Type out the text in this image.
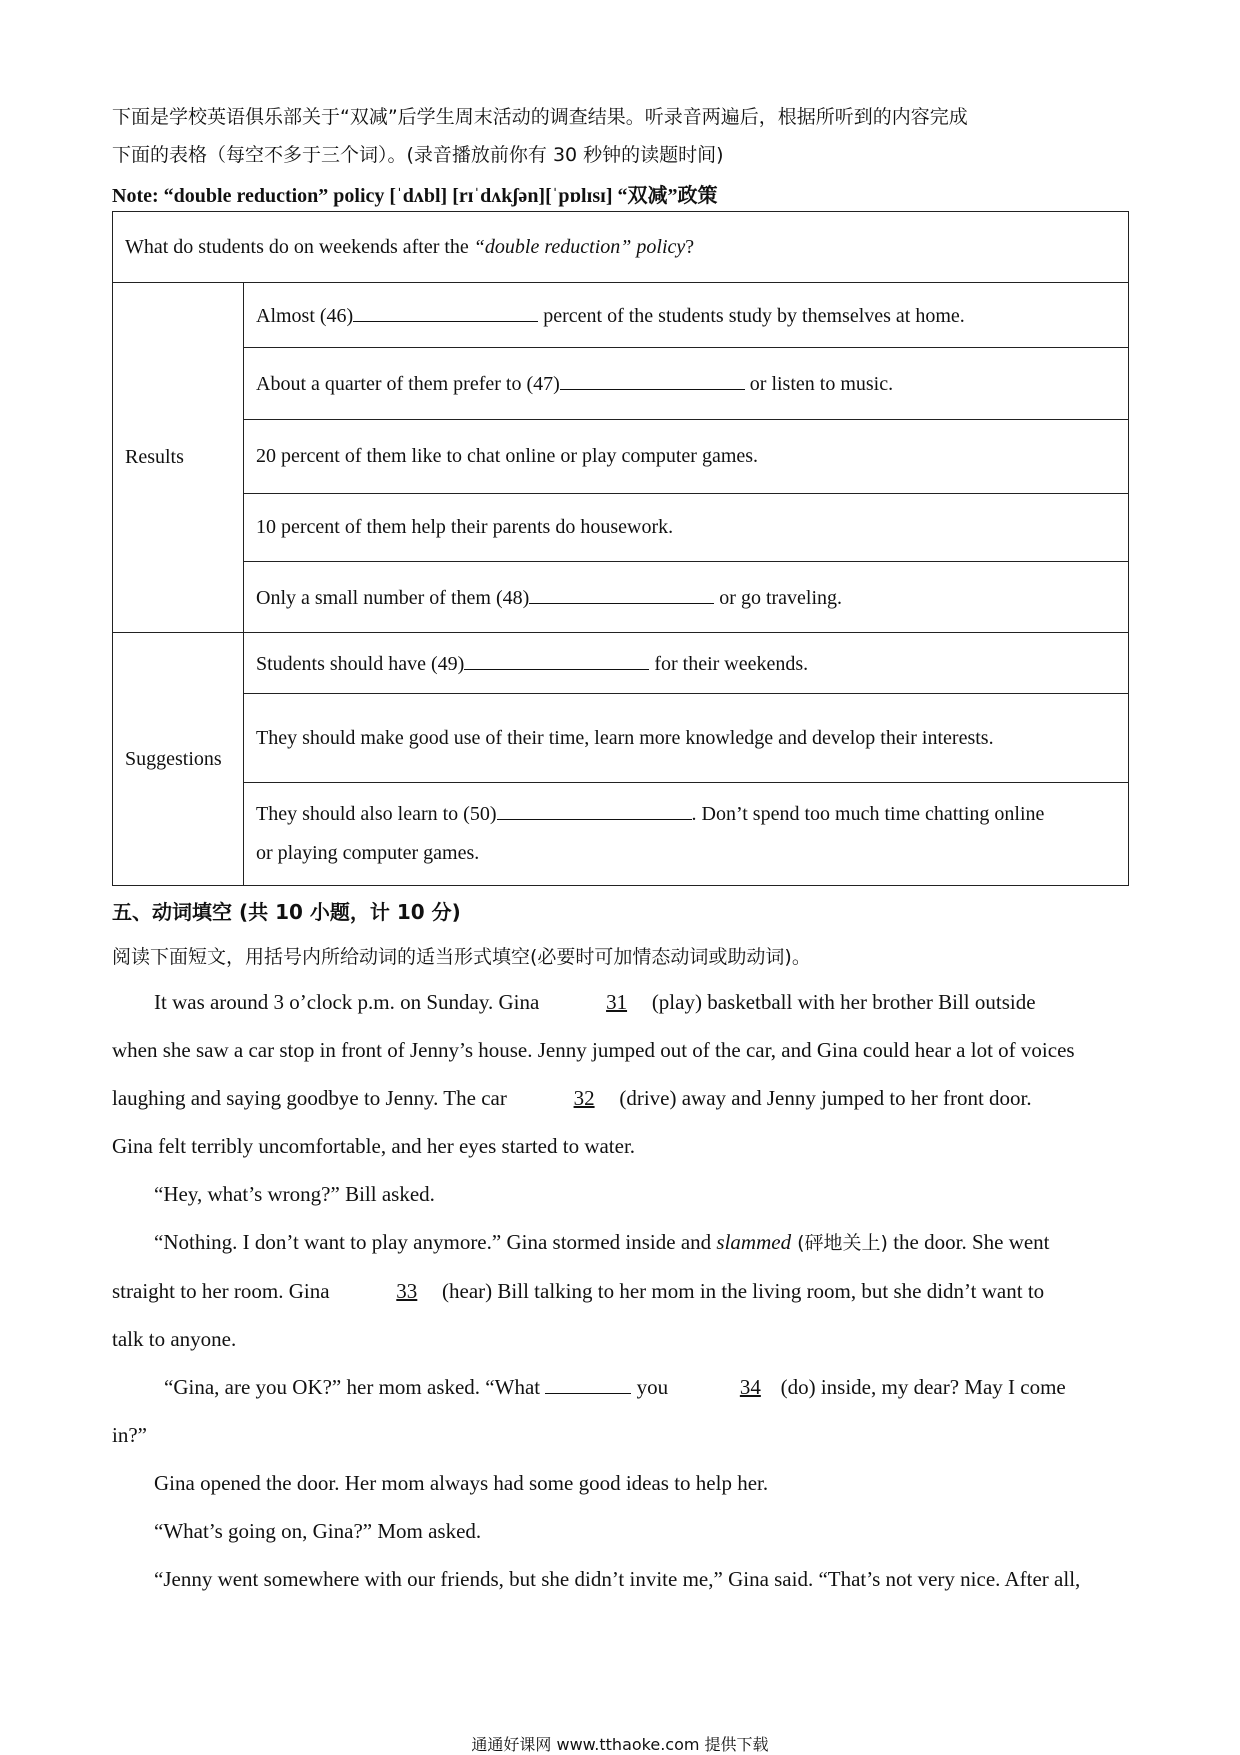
下面是学校英语俱乐部关于“双减”后学生周末活动的调查结果。听录音两遍后，根据所听到的内容完成
下面的表格（每空不多于三个词）。(录音播放前你有 30 秒钟的读题时间)
Note: “double reduction” policy [ˈdʌbl] [rɪˈdʌkʃən][ˈpɒlɪsɪ] “双减”政策
What do students do on weekends after the “double reduction” policy?	
Results	Almost (46) percent of the students study by themselves at home.
	About a quarter of them prefer to (47) or listen to music.
	20 percent of them like to chat online or play computer games.
	10 percent of them help their parents do housework.
	Only a small number of them (48) or go traveling.
Suggestions	Students should have (49) for their weekends.
	They should make good use of their time, learn more knowledge and develop their interests.
	They should also learn to (50) . Don’t spend too much time chatting online
or playing computer games.
五、动词填空 (共 10 小题，计 10 分)
阅读下面短文，用括号内所给动词的适当形式填空(必要时可加情态动词或助动词)。
It was around 3 o’clock p.m. on Sunday. Gina	31 (play) basketball with her brother Bill outside
when she saw a car stop in front of Jenny’s house. Jenny jumped out of the car, and Gina could hear a lot of voices
laughing and saying goodbye to Jenny. The car	32 (drive) away and Jenny jumped to her front door.
Gina felt terribly uncomfortable, and her eyes started to water.
“Hey, what’s wrong?” Bill asked.
“Nothing. I don’t want to play anymore.” Gina stormed inside and slammed (砰地关上) the door. She went
straight to her room. Gina	33 (hear) Bill talking to her mom in the living room, but she didn’t want to
talk to anyone.
“Gina, are you OK?” her mom asked. “What	you	34 (do) inside, my dear? May I come
in?”
Gina opened the door. Her mom always had some good ideas to help her.
“What’s going on, Gina?” Mom asked.
“Jenny went somewhere with our friends, but she didn’t invite me,” Gina said. “That’s not very nice. After all,
通通好课网 www.tthaoke.com 提供下载
